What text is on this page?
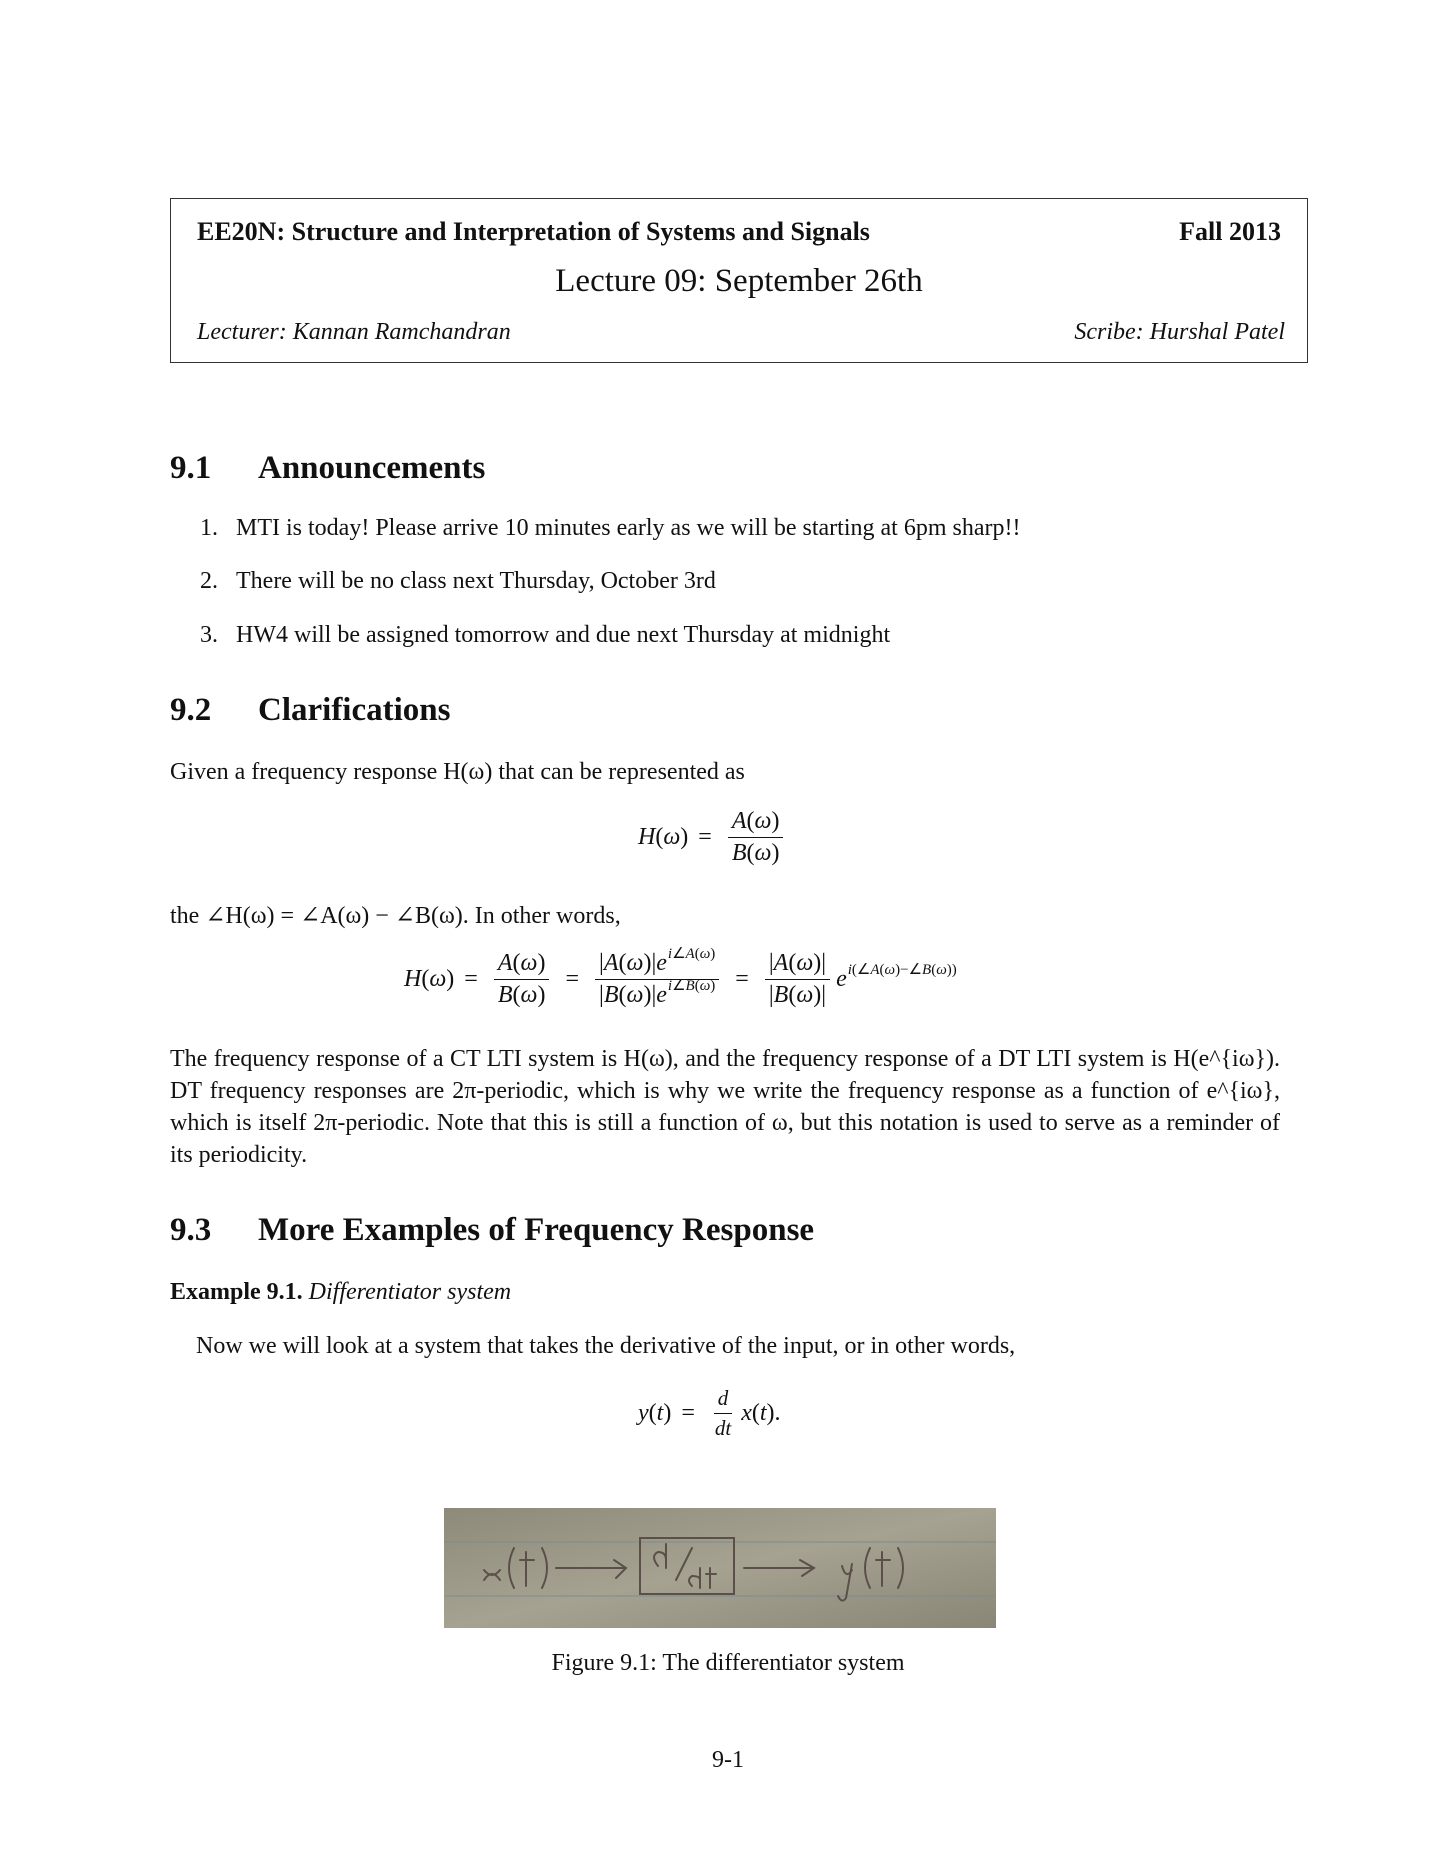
EE20N: Structure and Interpretation of Systems and Signals	Fall 2013
Lecture 09: September 26th
Lecturer: Kannan Ramchandran	Scribe: Hurshal Patel
9.1 Announcements
1. MTI is today! Please arrive 10 minutes early as we will be starting at 6pm sharp!!
2. There will be no class next Thursday, October 3rd
3. HW4 will be assigned tomorrow and due next Thursday at midnight
9.2 Clarifications
Given a frequency response H(ω) that can be represented as
$H(\omega) = \frac{A(\omega)}{B(\omega)}$
the ∠H(ω) = ∠A(ω) − ∠B(ω). In other words,
$H(\omega) = \frac{A(\omega)}{B(\omega)} = \frac{|A(\omega)|e^{i\angle A(\omega)}}{|B(\omega)|e^{i\angle B(\omega)}} = \frac{|A(\omega)|}{|B(\omega)|} e^{i(\angle A(\omega)-\angle B(\omega))}$
The frequency response of a CT LTI system is H(ω), and the frequency response of a DT LTI system is H(e^{iω}). DT frequency responses are 2π-periodic, which is why we write the frequency response as a function of e^{iω}, which is itself 2π-periodic. Note that this is still a function of ω, but this notation is used to serve as a reminder of its periodicity.
9.3 More Examples of Frequency Response
Example 9.1. Differentiator system
Now we will look at a system that takes the derivative of the input, or in other words,
$y(t) = \frac{d}{dt} x(t)$.
Figure 9.1: The differentiator system
9-1
